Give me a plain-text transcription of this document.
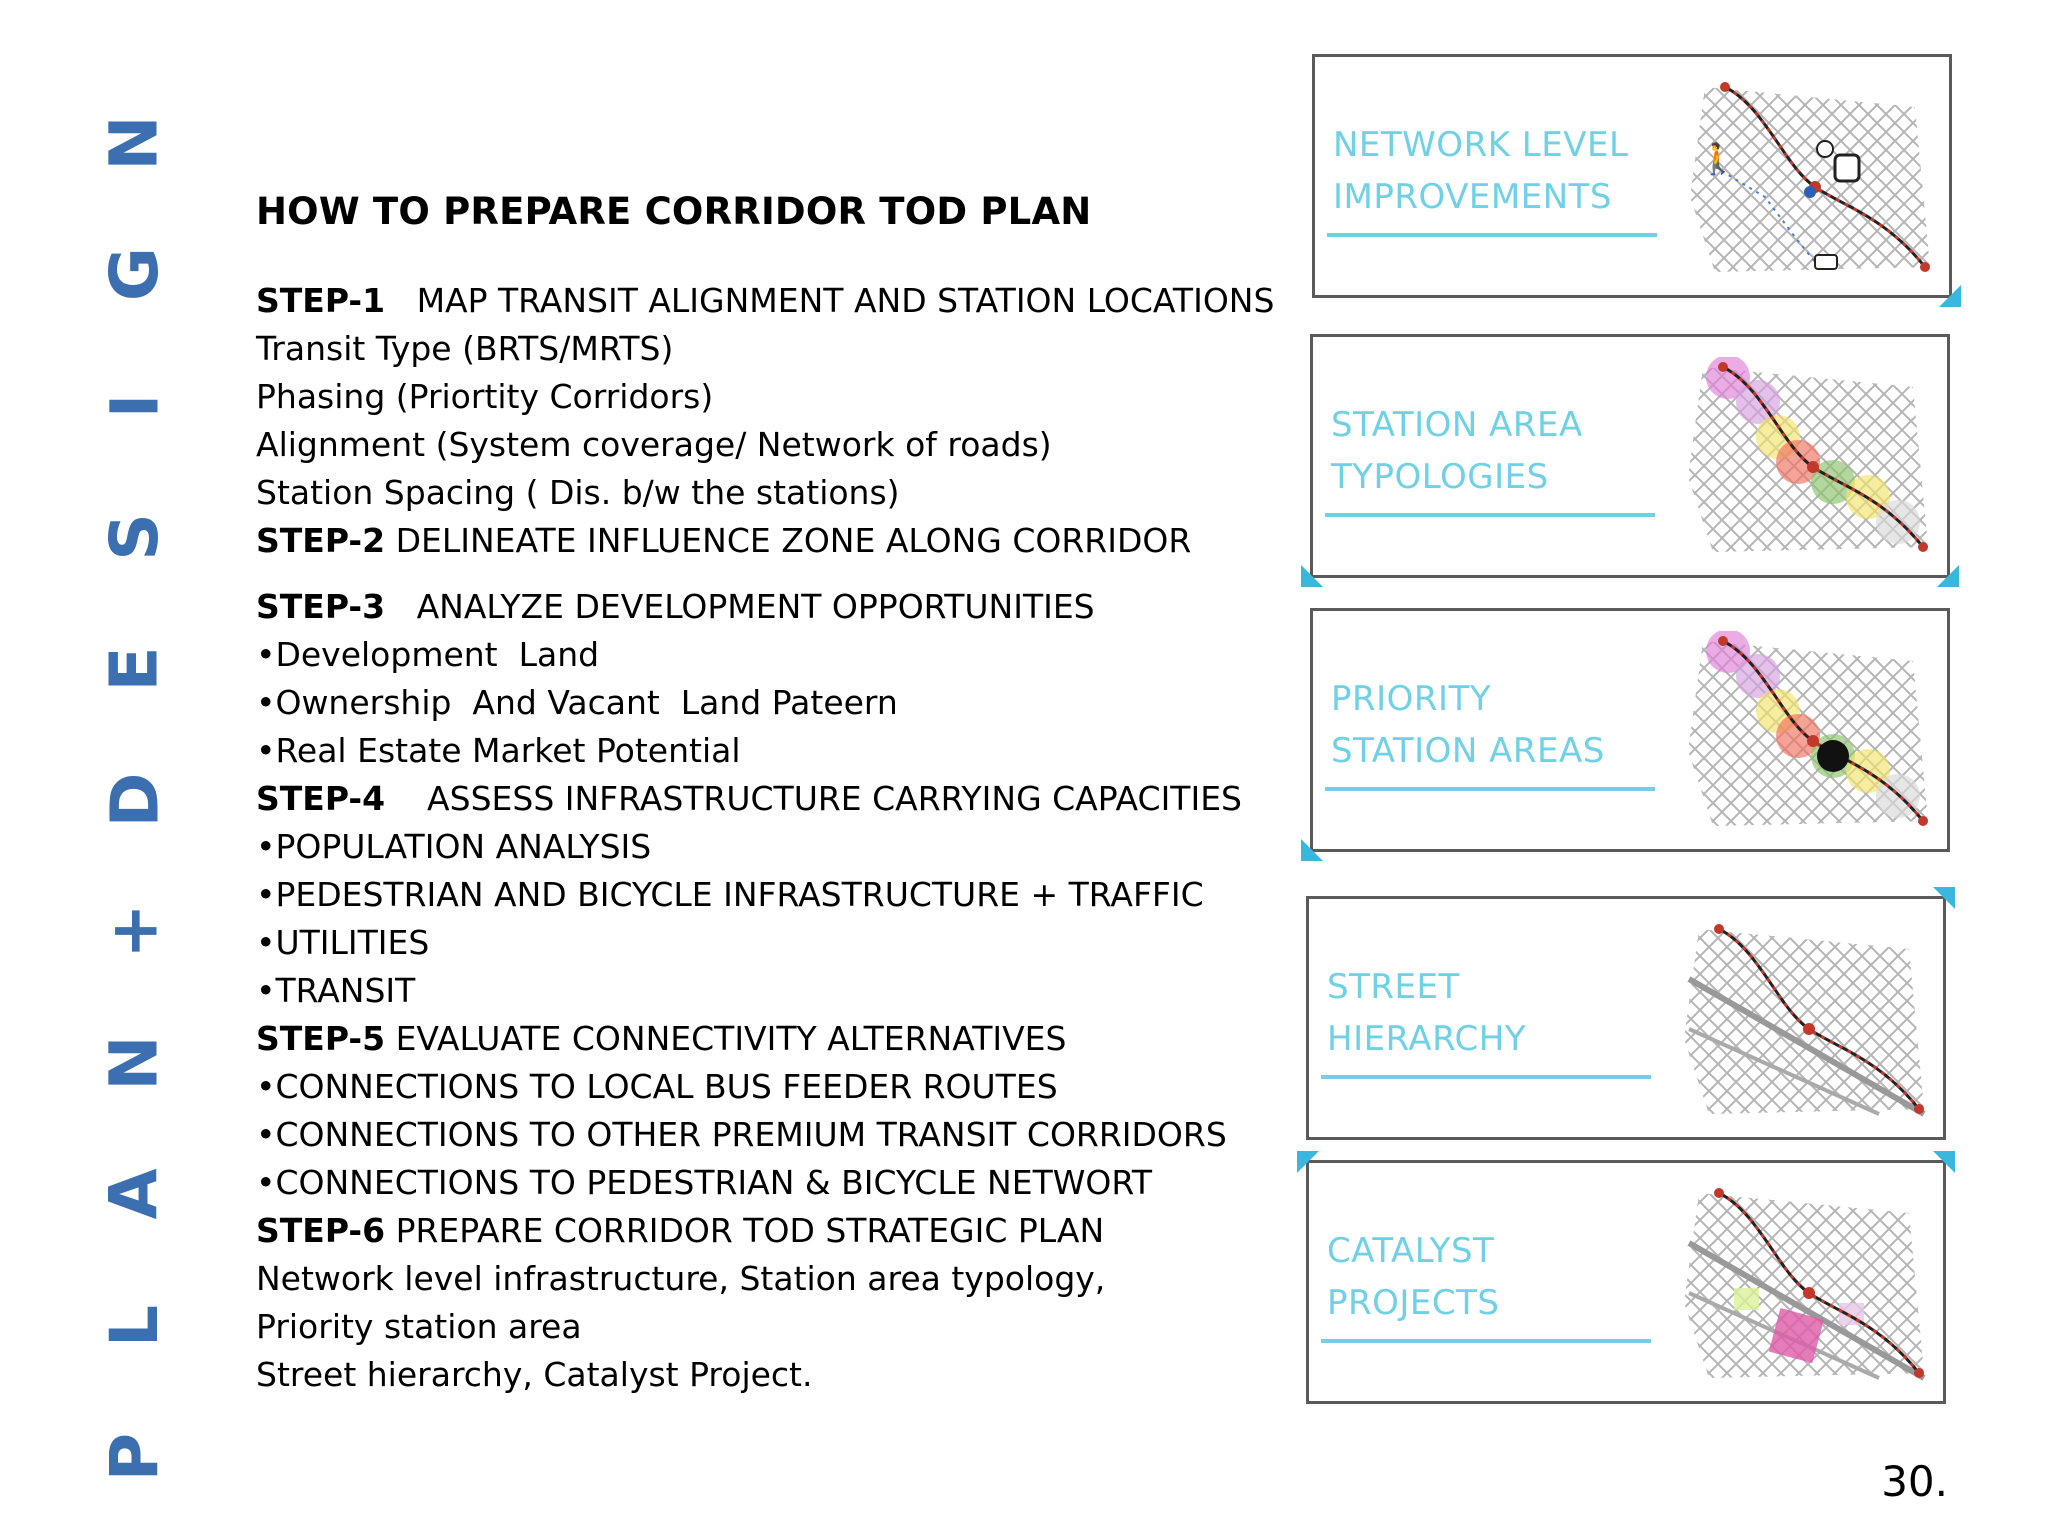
P
L
A
N
+
D
E
S
I
G
N
HOW TO PREPARE CORRIDOR TOD PLAN
STEP-1   MAP TRANSIT ALIGNMENT AND STATION LOCATIONS
Transit Type (BRTS/MRTS)
Phasing (Priortity Corridors)
Alignment (System coverage/ Network of roads)
Station Spacing ( Dis. b/w the stations)
STEP-2 DELINEATE INFLUENCE ZONE ALONG CORRIDOR
STEP-3   ANALYZE DEVELOPMENT OPPORTUNITIES
•Development  Land
•Ownership  And Vacant  Land Pateern
•Real Estate Market Potential
STEP-4    ASSESS INFRASTRUCTURE CARRYING CAPACITIES
•POPULATION ANALYSIS
•PEDESTRIAN AND BICYCLE INFRASTRUCTURE + TRAFFIC
•UTILITIES
•TRANSIT
STEP-5 EVALUATE CONNECTIVITY ALTERNATIVES
•CONNECTIONS TO LOCAL BUS FEEDER ROUTES
•CONNECTIONS TO OTHER PREMIUM TRANSIT CORRIDORS
•CONNECTIONS TO PEDESTRIAN & BICYCLE NETWORT
STEP-6 PREPARE CORRIDOR TOD STRATEGIC PLAN
Network level infrastructure, Station area typology,
Priority station area
Street hierarchy, Catalyst Project.
NETWORK LEVEL
IMPROVEMENTS
🚶
STATION AREA
TYPOLOGIES
PRIORITY
STATION AREAS
STREET
HIERARCHY
CATALYST
PROJECTS
30.
